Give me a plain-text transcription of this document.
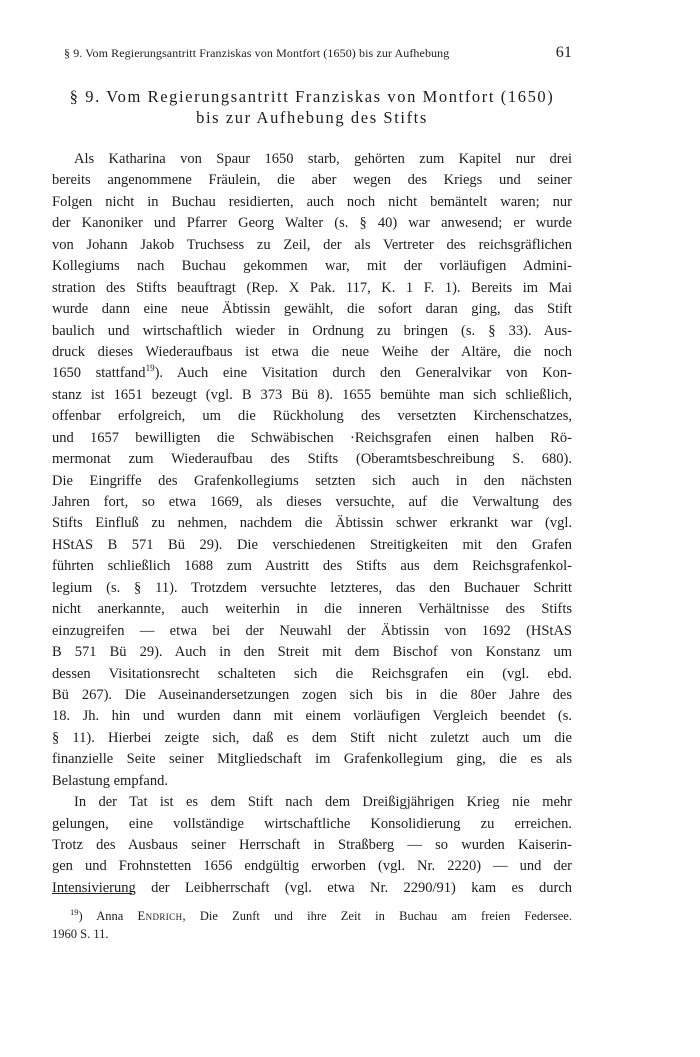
§ 9. Vom Regierungsantritt Franziskas von Montfort (1650) bis zur Aufhebung	61
§ 9. Vom Regierungsantritt Franziskas von Montfort (1650)
bis zur Aufhebung des Stifts
Als Katharina von Spaur 1650 starb, gehörten zum Kapitel nur drei
bereits angenommene Fräulein, die aber wegen des Kriegs und seiner
Folgen nicht in Buchau residierten, auch noch nicht bemäntelt waren; nur
der Kanoniker und Pfarrer Georg Walter (s. § 40) war anwesend; er wurde
von Johann Jakob Truchsess zu Zeil, der als Vertreter des reichsgräflichen
Kollegiums nach Buchau gekommen war, mit der vorläufigen Admini-
stration des Stifts beauftragt (Rep. X Pak. 117, K. 1 F. 1). Bereits im Mai
wurde dann eine neue Äbtissin gewählt, die sofort daran ging, das Stift
baulich und wirtschaftlich wieder in Ordnung zu bringen (s. § 33). Aus-
druck dieses Wiederaufbaus ist etwa die neue Weihe der Altäre, die noch
1650 stattfand$^{19}$). Auch eine Visitation durch den Generalvikar von Kon-
stanz ist 1651 bezeugt (vgl. B 373 Bü 8). 1655 bemühte man sich schließlich,
offenbar erfolgreich, um die Rückholung des versetzten Kirchenschatzes,
und 1657 bewilligten die Schwäbischen ·Reichsgrafen einen halben Rö-
mermonat zum Wiederaufbau des Stifts (Oberamtsbeschreibung S. 680).
Die Eingriffe des Grafenkollegiums setzten sich auch in den nächsten
Jahren fort, so etwa 1669, als dieses versuchte, auf die Verwaltung des
Stifts Einfluß zu nehmen, nachdem die Äbtissin schwer erkrankt war (vgl.
HStAS B 571 Bü 29). Die verschiedenen Streitigkeiten mit den Grafen
führten schließlich 1688 zum Austritt des Stifts aus dem Reichsgrafenkol-
legium (s. § 11). Trotzdem versuchte letzteres, das den Buchauer Schritt
nicht anerkannte, auch weiterhin in die inneren Verhältnisse des Stifts
einzugreifen — etwa bei der Neuwahl der Äbtissin von 1692 (HStAS
B 571 Bü 29). Auch in den Streit mit dem Bischof von Konstanz um
dessen Visitationsrecht schalteten sich die Reichsgrafen ein (vgl. ebd.
Bü 267). Die Auseinandersetzungen zogen sich bis in die 80er Jahre des
18. Jh. hin und wurden dann mit einem vorläufigen Vergleich beendet (s.
§ 11). Hierbei zeigte sich, daß es dem Stift nicht zuletzt auch um die
finanzielle Seite seiner Mitgliedschaft im Grafenkollegium ging, die es als
Belastung empfand.
In der Tat ist es dem Stift nach dem Dreißigjährigen Krieg nie mehr
gelungen, eine vollständige wirtschaftliche Konsolidierung zu erreichen.
Trotz des Ausbaus seiner Herrschaft in Straßberg — so wurden Kaiserin-
gen und Frohnstetten 1656 endgültig erworben (vgl. Nr. 2220) — und der
Intensivierung der Leibherrschaft (vgl. etwa Nr. 2290/91) kam es durch
$^{19}$) Anna Endrich, Die Zunft und ihre Zeit in Buchau am freien Federsee.
1960 S. 11.
